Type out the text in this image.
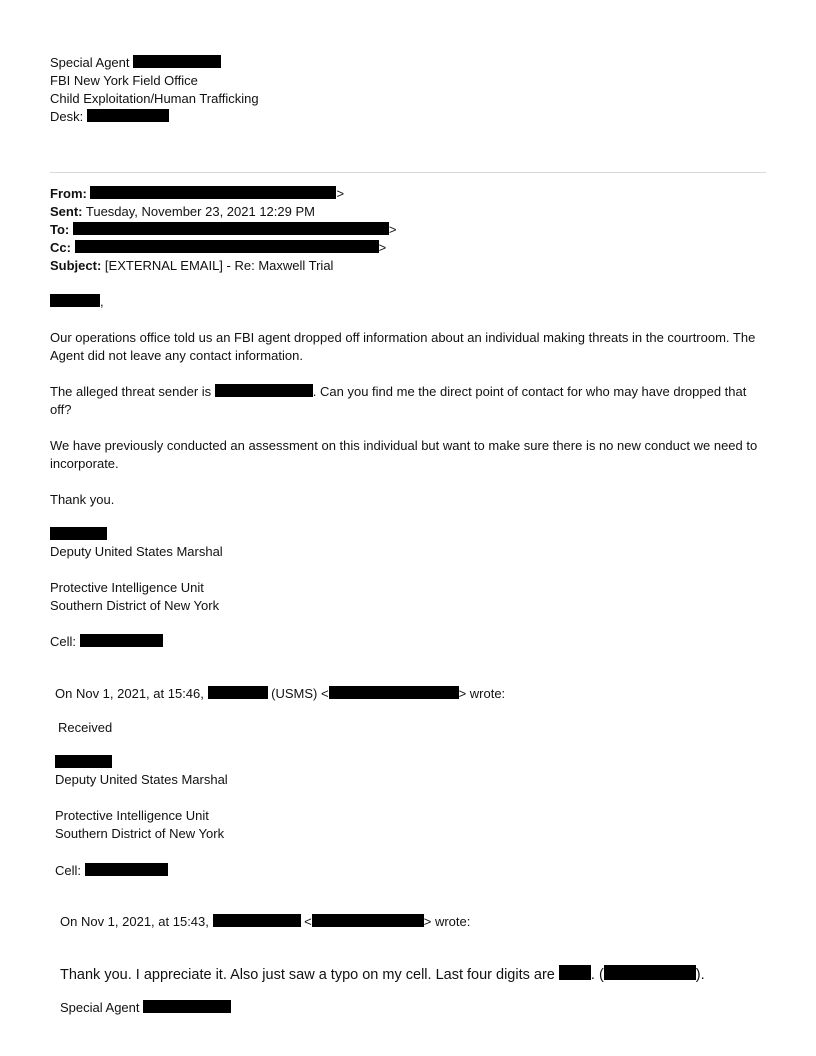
Special Agent
FBI New York Field Office
Child Exploitation/Human Trafficking
Desk:
From:	>
Sent: Tuesday, November 23, 2021 12:29 PM
To:	>
Cc:	>
Subject: [EXTERNAL EMAIL] - Re: Maxwell Trial
,
Our operations office told us an FBI agent dropped off information about an individual making threats in the courtroom. The Agent did not leave any contact information.
The alleged threat sender is	. Can you find me the direct point of contact for who may have dropped that off?
We have previously conducted an assessment on this individual but want to make sure there is no new conduct we need to incorporate.
Thank you.
Deputy United States Marshal
Protective Intelligence Unit
Southern District of New York
Cell:
On Nov 1, 2021, at 15:46,	(USMS) <	> wrote:
Received
Deputy United States Marshal
Protective Intelligence Unit
Southern District of New York
Cell:
On Nov 1, 2021, at 15:43,	<	> wrote:
Thank you. I appreciate it. Also just saw a typo on my cell. Last four digits are . (	).
Special Agent
